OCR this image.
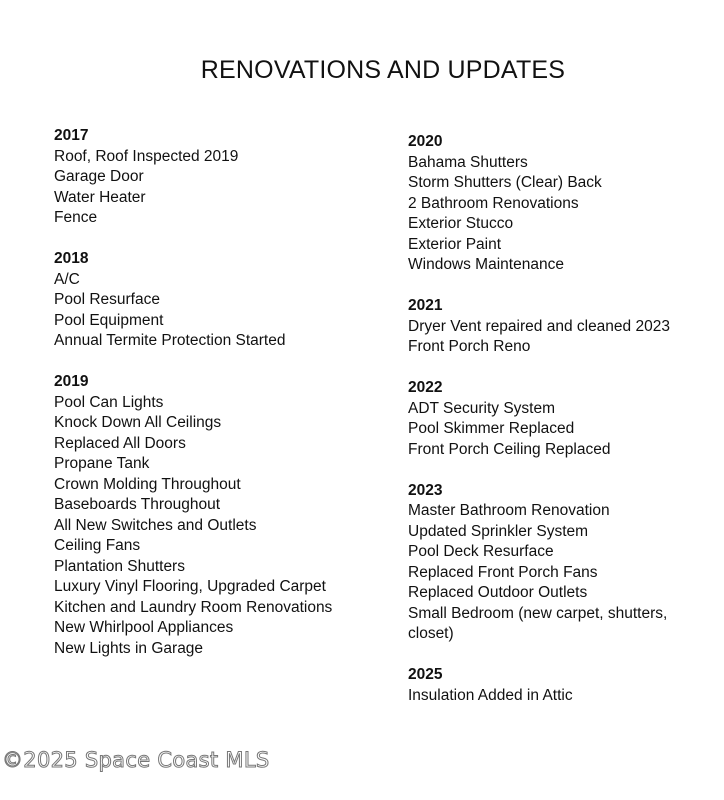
RENOVATIONS AND UPDATES

2017

Roof, Roof Inspected 2019

Garage Door

Water Heater

Fence

2018

A/C

Pool Resurface

Pool Equipment

Annual Termite Protection Started

2019

Pool Can Lights

Knock Down All Ceilings

Replaced All Doors

Propane Tank

Crown Molding Throughout

Baseboards Throughout

All New Switches and Outlets

Ceiling Fans

Plantation Shutters

Luxury Vinyl Flooring, Upgraded Carpet

Kitchen and Laundry Room Renovations

New Whirlpool Appliances

New Lights in Garage

2020

Bahama Shutters

Storm Shutters (Clear) Back

2 Bathroom Renovations

Exterior Stucco

Exterior Paint

Windows Maintenance

2021

Dryer Vent repaired and cleaned 2023

Front Porch Reno

2022

ADT Security System

Pool Skimmer Replaced

Front Porch Ceiling Replaced

2023

Master Bathroom Renovation

Updated Sprinkler System

Pool Deck Resurface

Replaced Front Porch Fans

Replaced Outdoor Outlets

Small Bedroom (new carpet, shutters, closet)

2025

Insulation Added in Attic

©2025 Space Coast MLS
